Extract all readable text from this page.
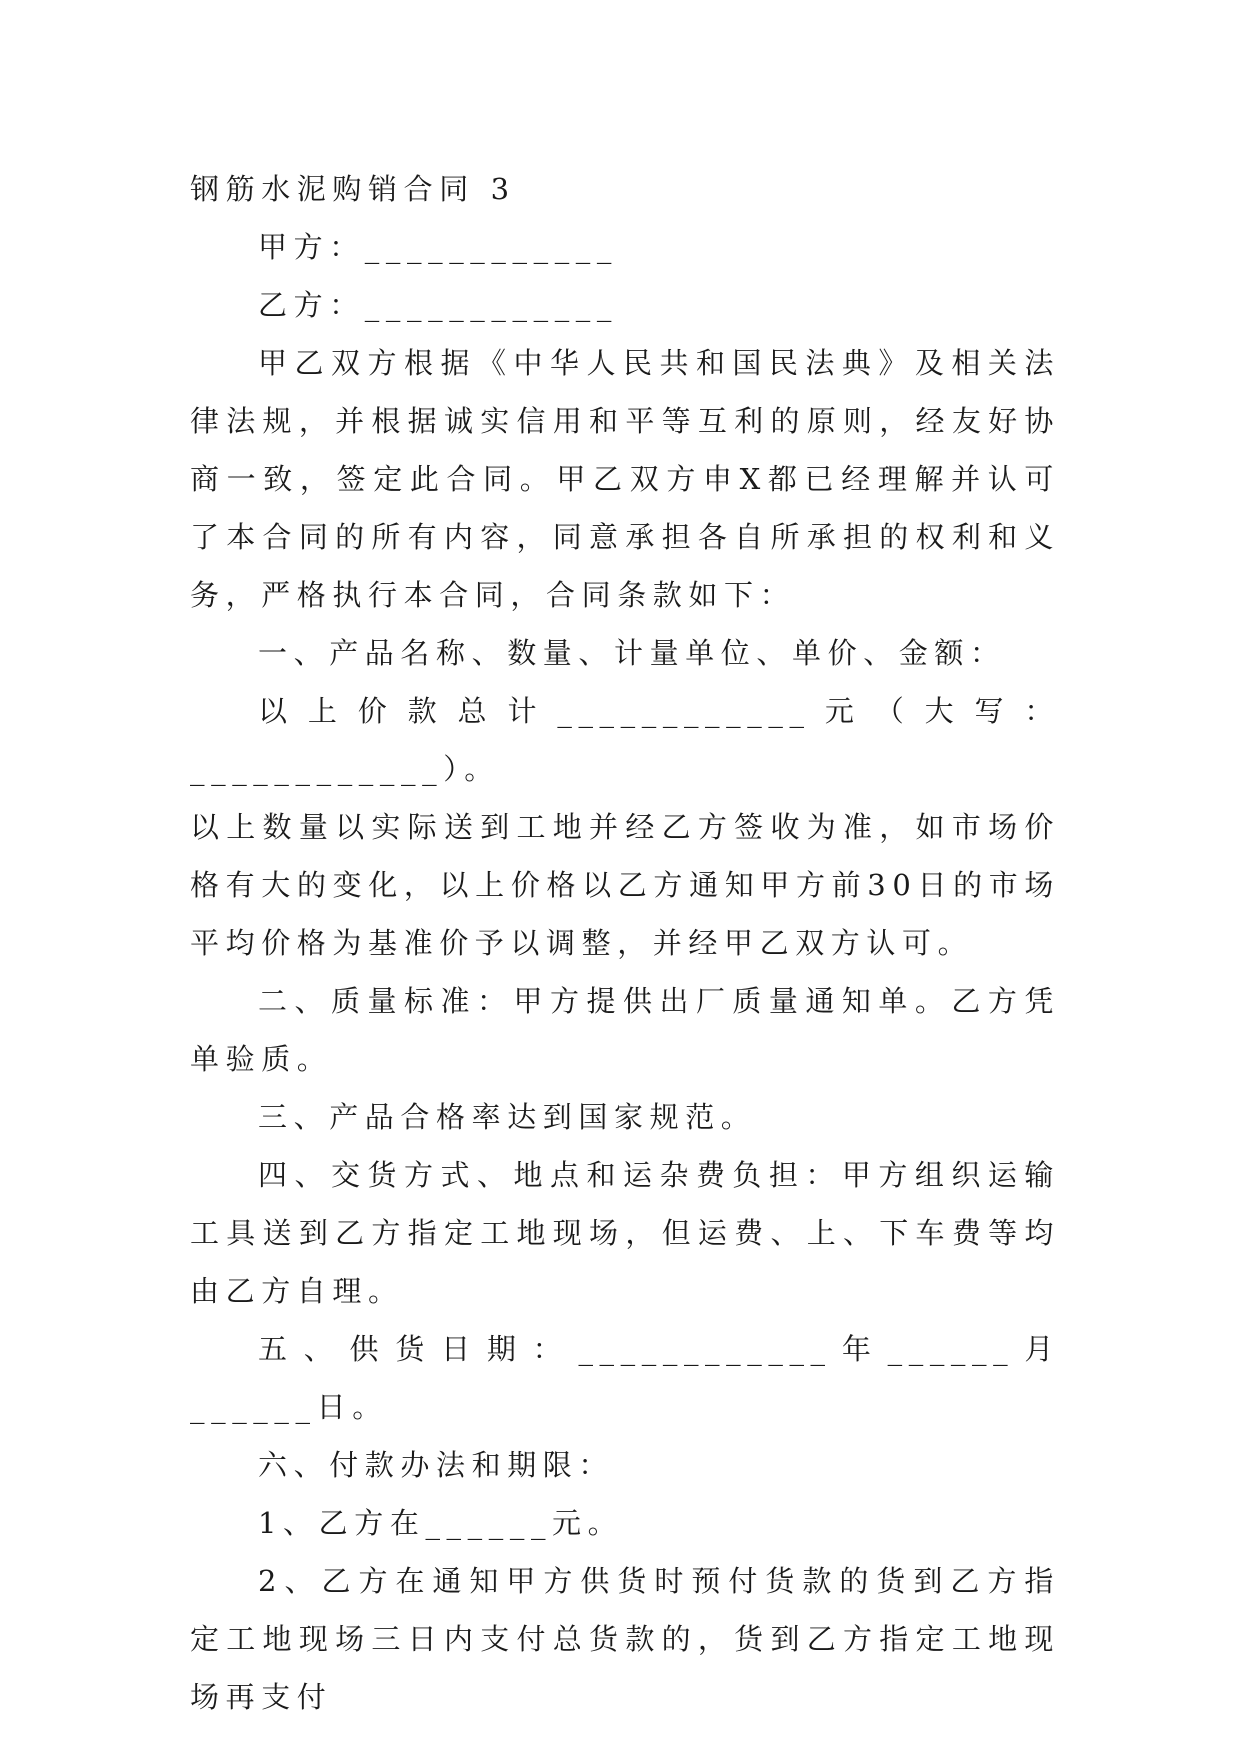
钢筋水泥购销合同 3

甲方：____________

乙方：____________

甲乙双方根据《中华人民共和国民法典》及相关法律法规，并根据诚实信用和平等互利的原则，经友好协商一致，签定此合同。甲乙双方申X都已经理解并认可了本合同的所有内容，同意承担各自所承担的权利和义务，严格执行本合同，合同条款如下：

一、产品名称、数量、计量单位、单价、金额：

以上价款总计____________元（大写：____________）。

以上数量以实际送到工地并经乙方签收为准，如市场价格有大的变化，以上价格以乙方通知甲方前30日的市场平均价格为基准价予以调整，并经甲乙双方认可。

二、质量标准：甲方提供出厂质量通知单。乙方凭单验质。

三、产品合格率达到国家规范。

四、交货方式、地点和运杂费负担：甲方组织运输工具送到乙方指定工地现场，但运费、上、下车费等均由乙方自理。

五、供货日期：____________年______月______日。

六、付款办法和期限：

1、乙方在______元。

2、乙方在通知甲方供货时预付货款的货到乙方指定工地现场三日内支付总货款的，货到乙方指定工地现场再支付
